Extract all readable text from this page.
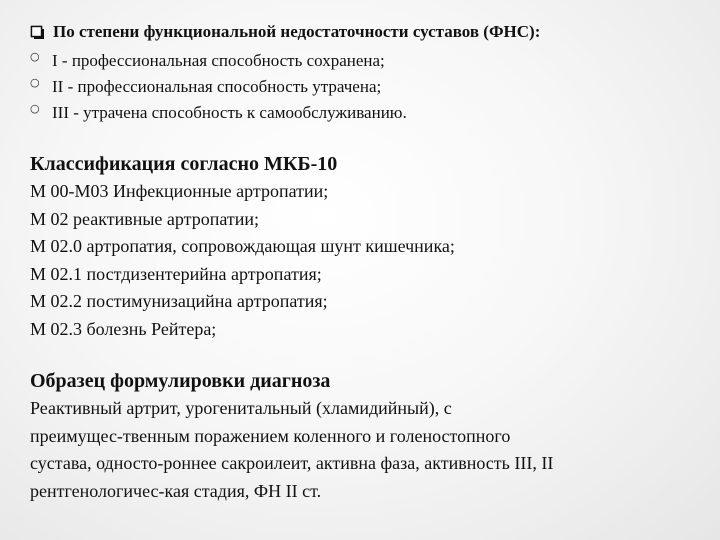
По степени функциональной недостаточности суставов (ФНС):
○ I - профессиональная способность сохранена;
○ II - профессиональная способность утрачена;
○ III - утрачена способность к самообслуживанию.
Классификация согласно МКБ-10
М 00-М03 Инфекционные артропатии;
М 02 реактивные артропатии;
М 02.0 артропатия, сопровождающая шунт кишечника;
М 02.1 постдизентерийна артропатия;
М 02.2 постимунизацийна артропатия;
М 02.3 болезнь Рейтера;
Образец формулировки диагноза
Реактивный артрит, урогенитальный (хламидийный), с
преимущес-твенным поражением коленного и голеностопного
сустава, односто-роннее сакроилеит, активна фаза, активность III, II
рентгенологичес-кая стадия, ФН II ст.
